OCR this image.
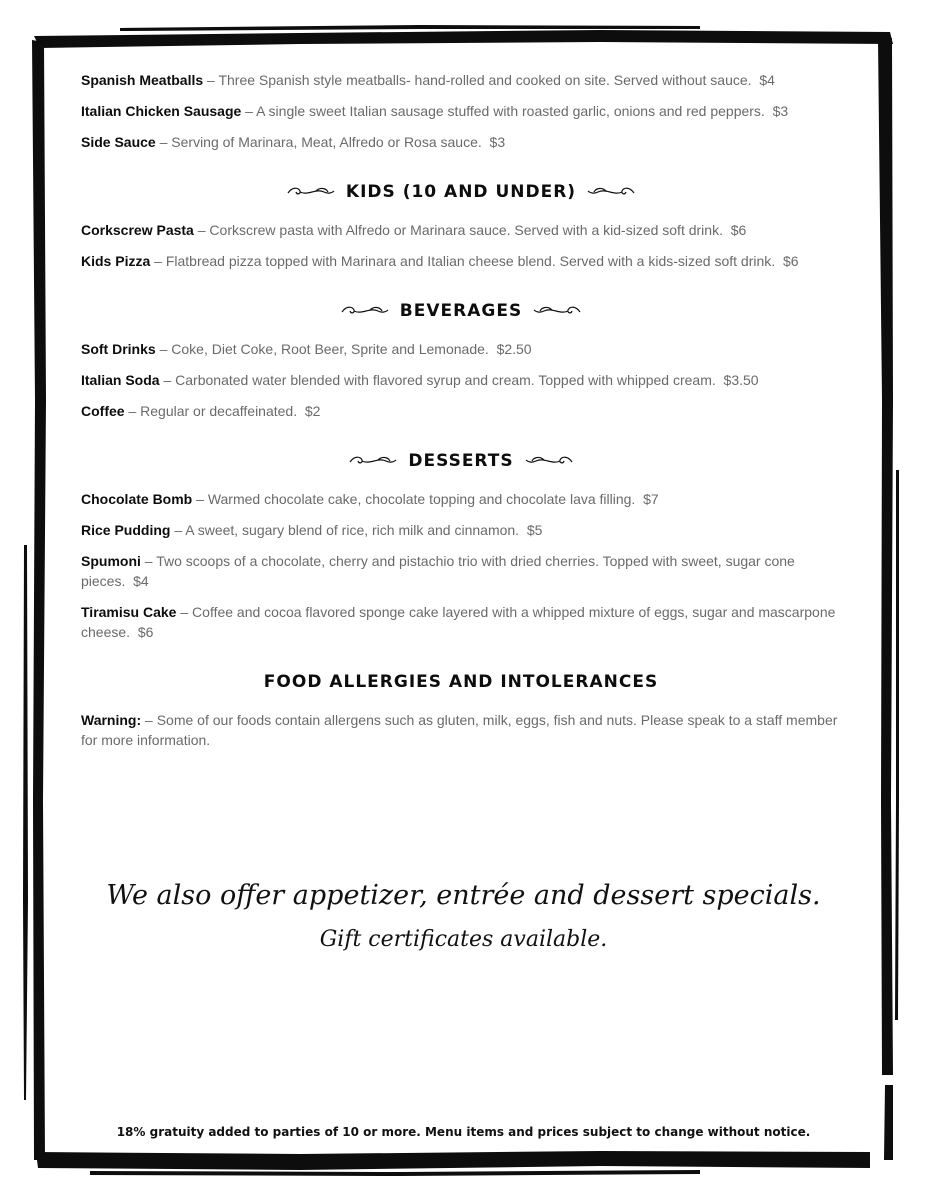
Spanish Meatballs – Three Spanish style meatballs- hand-rolled and cooked on site. Served without sauce. $4
Italian Chicken Sausage – A single sweet Italian sausage stuffed with roasted garlic, onions and red peppers. $3
Side Sauce – Serving of Marinara, Meat, Alfredo or Rosa sauce. $3
KIDS (10 AND UNDER)
Corkscrew Pasta – Corkscrew pasta with Alfredo or Marinara sauce. Served with a kid-sized soft drink. $6
Kids Pizza – Flatbread pizza topped with Marinara and Italian cheese blend. Served with a kids-sized soft drink. $6
BEVERAGES
Soft Drinks – Coke, Diet Coke, Root Beer, Sprite and Lemonade. $2.50
Italian Soda – Carbonated water blended with flavored syrup and cream. Topped with whipped cream. $3.50
Coffee – Regular or decaffeinated. $2
DESSERTS
Chocolate Bomb – Warmed chocolate cake, chocolate topping and chocolate lava filling. $7
Rice Pudding – A sweet, sugary blend of rice, rich milk and cinnamon. $5
Spumoni – Two scoops of a chocolate, cherry and pistachio trio with dried cherries. Topped with sweet, sugar cone pieces. $4
Tiramisu Cake – Coffee and cocoa flavored sponge cake layered with a whipped mixture of eggs, sugar and mascarpone cheese. $6
FOOD ALLERGIES AND INTOLERANCES
Warning: – Some of our foods contain allergens such as gluten, milk, eggs, fish and nuts. Please speak to a staff member for more information.
We also offer appetizer, entrée and dessert specials.
Gift certificates available.
18% gratuity added to parties of 10 or more. Menu items and prices subject to change without notice.
